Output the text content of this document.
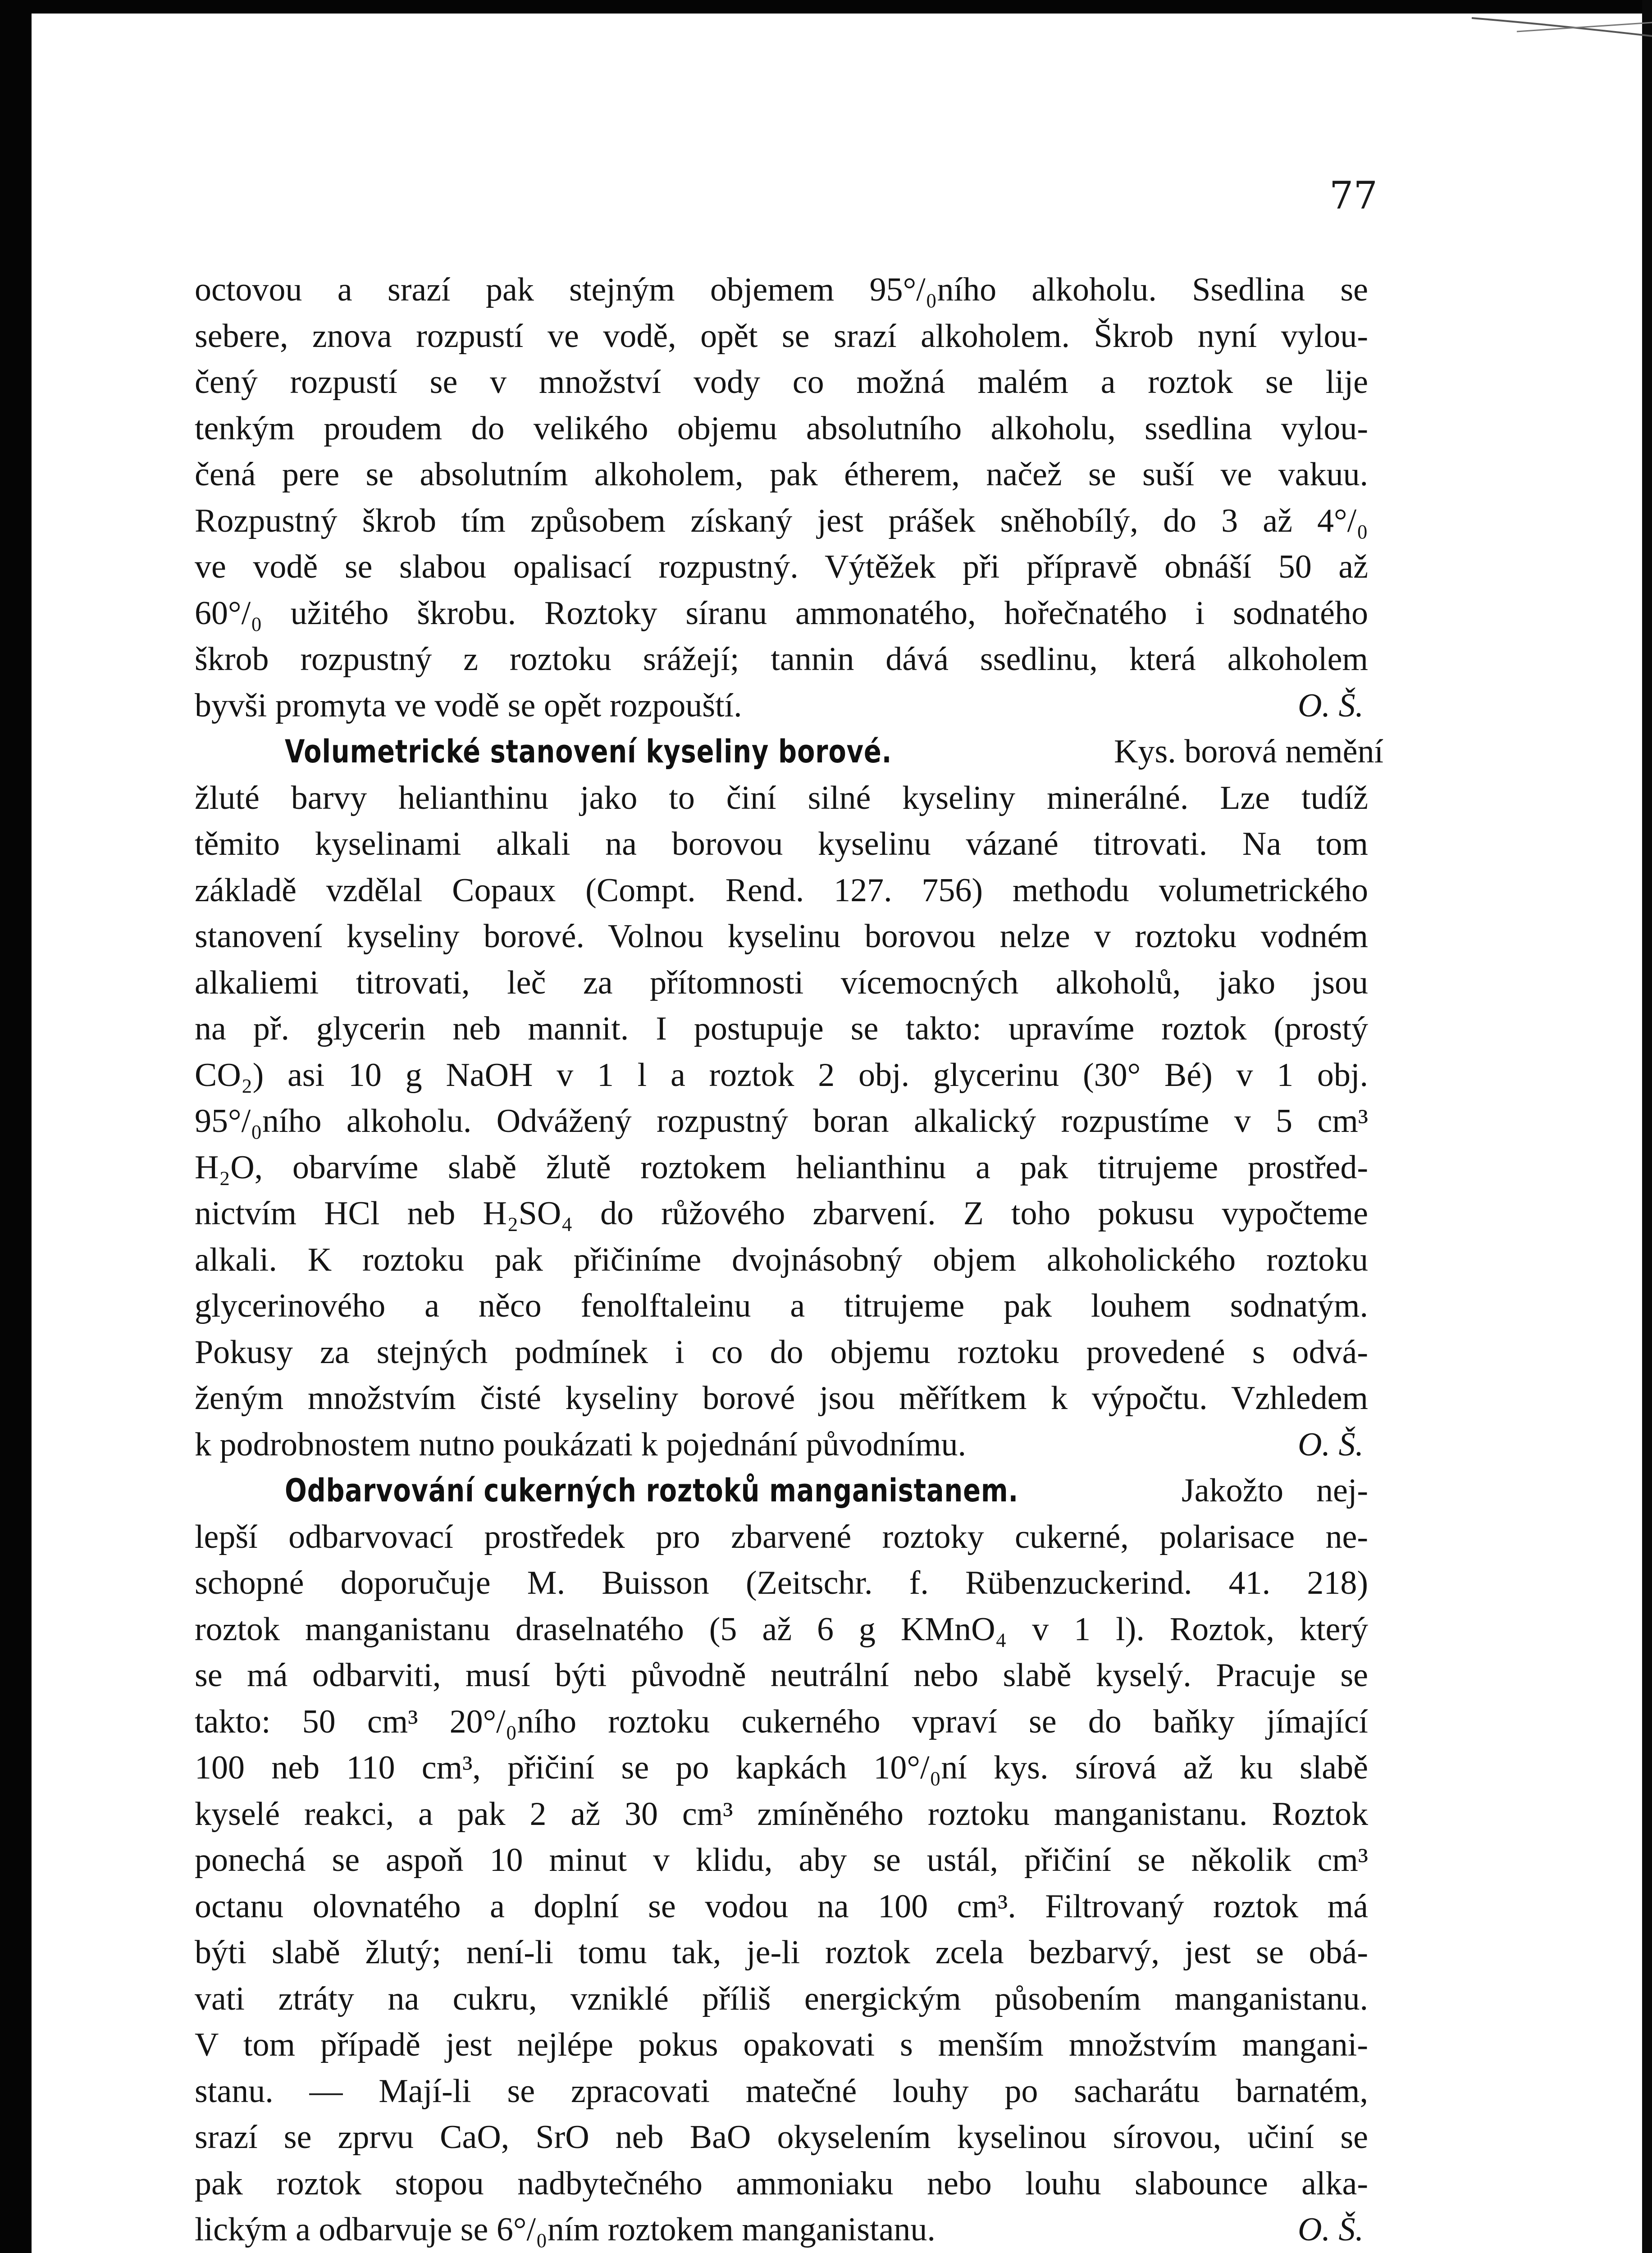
77
octovou a srazí pak stejným objemem 95°/₀ního alkoholu. Ssedlina se
sebere, znova rozpustí ve vodě, opět se srazí alkoholem. Škrob nyní vylou-
čený rozpustí se v množství vody co možná malém a roztok se lije
tenkým proudem do velikého objemu absolutního alkoholu, ssedlina vylou-
čená pere se absolutním alkoholem, pak étherem, načež se suší ve vakuu.
Rozpustný škrob tím způsobem získaný jest prášek sněhobílý, do 3 až 4°/₀
ve vodě se slabou opalisací rozpustný. Výtěžek při přípravě obnáší 50 až
60°/₀ užitého škrobu. Roztoky síranu ammonatého, hořečnatého i sodnatého
škrob rozpustný z roztoku srážejí; tannin dává ssedlinu, která alkoholem
byvši promyta ve vodě se opět rozpouští.	O. Š.
Volumetrické stanovení kyseliny borové.	Kys. borová nemění
žluté barvy helianthinu jako to činí silné kyseliny minerálné. Lze tudíž
těmito kyselinami alkali na borovou kyselinu vázané titrovati. Na tom
základě vzdělal Copaux (Compt. Rend. 127. 756) methodu volumetrického
stanovení kyseliny borové. Volnou kyselinu borovou nelze v roztoku vodném
alkaliemi titrovati, leč za přítomnosti vícemocných alkoholů, jako jsou
na př. glycerin neb mannit. I postupuje se takto: upravíme roztok (prostý
CO₂) asi 10 g NaOH v 1 l a roztok 2 obj. glycerinu (30° Bé) v 1 obj.
95°/₀ního alkoholu. Odvážený rozpustný boran alkalický rozpustíme v 5 cm³
H₂O, obarvíme slabě žlutě roztokem helianthinu a pak titrujeme prostřed-
nictvím HCl neb H₂SO₄ do růžového zbarvení. Z toho pokusu vypočteme
alkali. K roztoku pak přičiníme dvojnásobný objem alkoholického roztoku
glycerinového a něco fenolftaleinu a titrujeme pak louhem sodnatým.
Pokusy za stejných podmínek i co do objemu roztoku provedené s odvá-
ženým množstvím čisté kyseliny borové jsou měřítkem k výpočtu. Vzhledem
k podrobnostem nutno poukázati k pojednání původnímu.	O. Š.
Odbarvování cukerných roztoků manganistanem.	Jakožto nej-
lepší odbarvovací prostředek pro zbarvené roztoky cukerné, polarisace ne-
schopné doporučuje M. Buisson (Zeitschr. f. Rübenzuckerind. 41. 218)
roztok manganistanu draselnatého (5 až 6 g KMnO₄ v 1 l). Roztok, který
se má odbarviti, musí býti původně neutrální nebo slabě kyselý. Pracuje se
takto: 50 cm³ 20°/₀ního roztoku cukerného vpraví se do baňky jímající
100 neb 110 cm³, přičiní se po kapkách 10°/₀ní kys. sírová až ku slabě
kyselé reakci, a pak 2 až 30 cm³ zmíněného roztoku manganistanu. Roztok
ponechá se aspoň 10 minut v klidu, aby se ustál, přičiní se několik cm³
octanu olovnatého a doplní se vodou na 100 cm³. Filtrovaný roztok má
býti slabě žlutý; není-li tomu tak, je-li roztok zcela bezbarvý, jest se obá-
vati ztráty na cukru, vzniklé příliš energickým působením manganistanu.
V tom případě jest nejlépe pokus opakovati s menším množstvím mangani-
stanu. — Mají-li se zpracovati matečné louhy po sacharátu barnatém,
srazí se zprvu CaO, SrO neb BaO okyselením kyselinou sírovou, učiní se
pak roztok stopou nadbytečného ammoniaku nebo louhu slabounce alka-
lickým a odbarvuje se 6°/₀ním roztokem manganistanu.	O. Š.
